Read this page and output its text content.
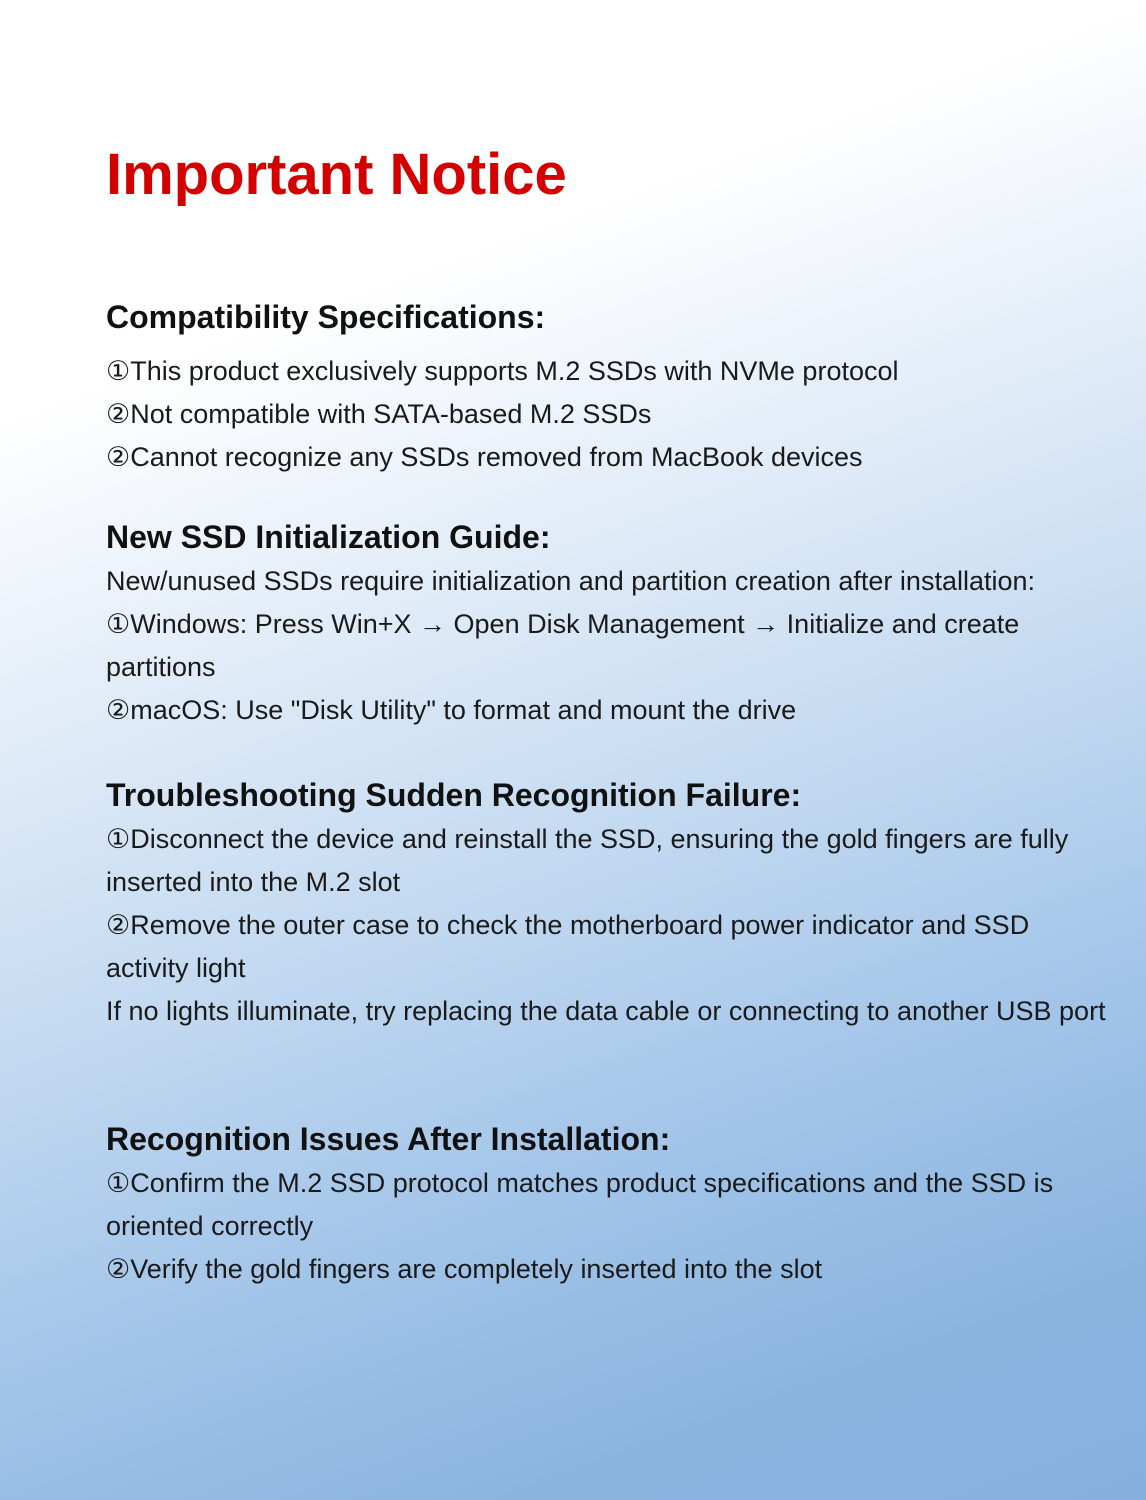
Important Notice
Compatibility Specifications:
①This product exclusively supports M.2 SSDs with NVMe protocol
②Not compatible with SATA-based M.2 SSDs
②Cannot recognize any SSDs removed from MacBook devices
New SSD Initialization Guide:
New/unused SSDs require initialization and partition creation after installation:
①Windows: Press Win+X → Open Disk Management → Initialize and create partitions
②macOS: Use "Disk Utility" to format and mount the drive
Troubleshooting Sudden Recognition Failure:
①Disconnect the device and reinstall the SSD, ensuring the gold fingers are fully inserted into the M.2 slot
②Remove the outer case to check the motherboard power indicator and SSD activity light
If no lights illuminate, try replacing the data cable or connecting to another USB port
Recognition Issues After Installation:
①Confirm the M.2 SSD protocol matches product specifications and the SSD is oriented correctly
②Verify the gold fingers are completely inserted into the slot
